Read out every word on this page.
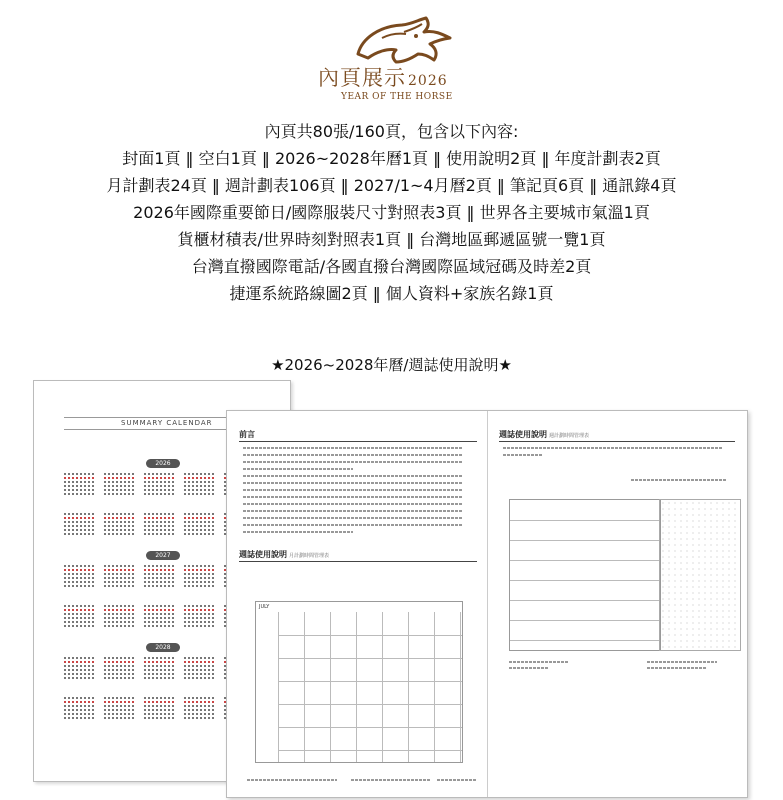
內頁展示 2026
YEAR OF THE HORSE
內頁共80張/160頁，包含以下內容:
封面1頁 ‖ 空白1頁 ‖ 2026~2028年曆1頁 ‖ 使用說明2頁 ‖ 年度計劃表2頁
月計劃表24頁 ‖ 週計劃表106頁 ‖ 2027/1~4月曆2頁 ‖ 筆記頁6頁 ‖ 通訊錄4頁
2026年國際重要節日/國際服裝尺寸對照表3頁 ‖ 世界各主要城市氣溫1頁
貨櫃材積表/世界時刻對照表1頁 ‖ 台灣地區郵遞區號一覽1頁
台灣直撥國際電話/各國直撥台灣國際區域冠碼及時差2頁
捷運系統路線圖2頁 ‖ 個人資料+家族名錄1頁
★2026~2028年曆/週誌使用說明★
SUMMARY CALENDAR
2026
2027
2028
前言
週誌使用說明 月計劃時間管理表
JULY
週誌使用說明 週計劃時間管理表
